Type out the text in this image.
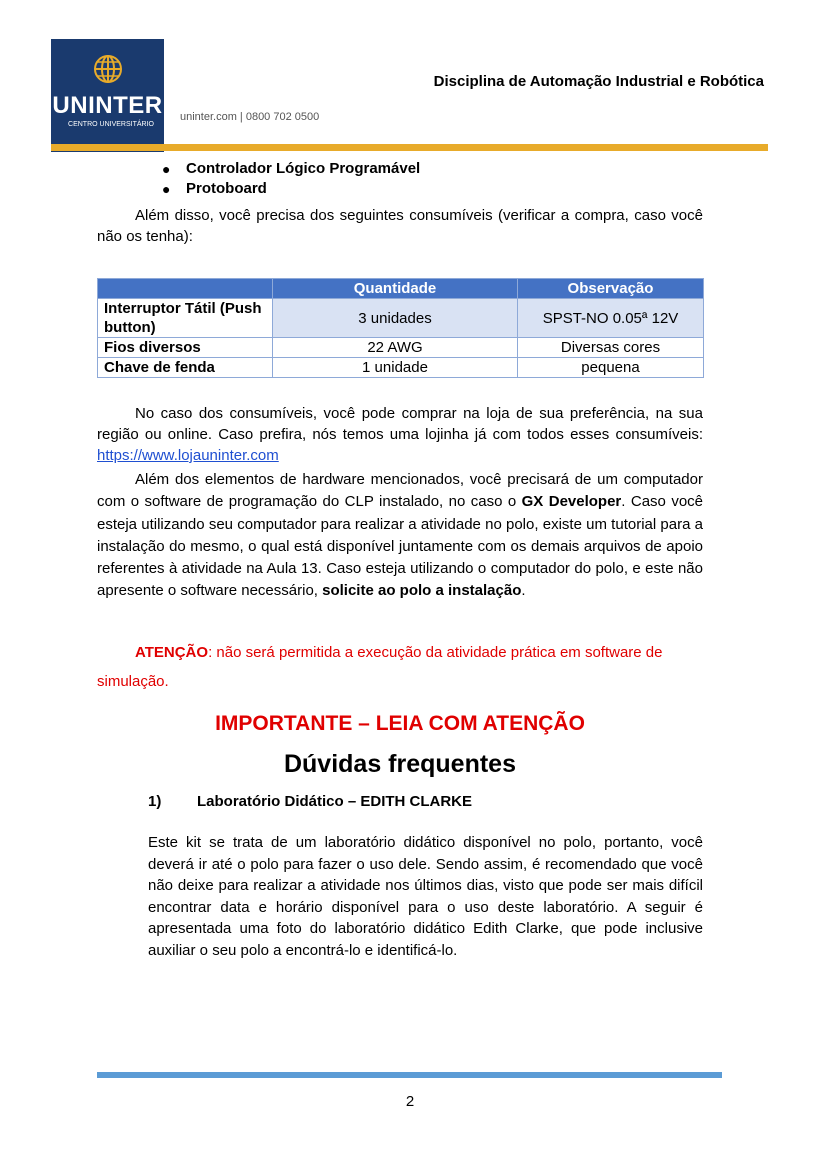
UNINTER
CENTRO UNIVERSITÁRIO
uninter.com | 0800 702 0500
Disciplina de Automação Industrial e Robótica
●	Controlador Lógico Programável
●	Protoboard
Além disso, você precisa dos seguintes consumíveis (verificar a compra, caso você não os tenha):
	Quantidade	Observação
Interruptor Tátil (Push button)	3 unidades	SPST-NO 0.05ª 12V
Fios diversos	22 AWG	Diversas cores
Chave de fenda	1 unidade	pequena
No caso dos consumíveis, você pode comprar na loja de sua preferência, na sua região ou online. Caso prefira, nós temos uma lojinha já com todos esses consumíveis: https://www.lojauninter.com
Além dos elementos de hardware mencionados, você precisará de um computador com o software de programação do CLP instalado, no caso o GX Developer. Caso você esteja utilizando seu computador para realizar a atividade no polo, existe um tutorial para a instalação do mesmo, o qual está disponível juntamente com os demais arquivos de apoio referentes à atividade na Aula 13. Caso esteja utilizando o computador do polo, e este não apresente o software necessário, solicite ao polo a instalação.
ATENÇÃO: não será permitida a execução da atividade prática em software de simulação.
IMPORTANTE – LEIA COM ATENÇÃO
Dúvidas frequentes
1) Laboratório Didático – EDITH CLARKE
Este kit se trata de um laboratório didático disponível no polo, portanto, você deverá ir até o polo para fazer o uso dele. Sendo assim, é recomendado que você não deixe para realizar a atividade nos últimos dias, visto que pode ser mais difícil encontrar data e horário disponível para o uso deste laboratório. A seguir é apresentada uma foto do laboratório didático Edith Clarke, que pode inclusive auxiliar o seu polo a encontrá-lo e identificá-lo.
2
